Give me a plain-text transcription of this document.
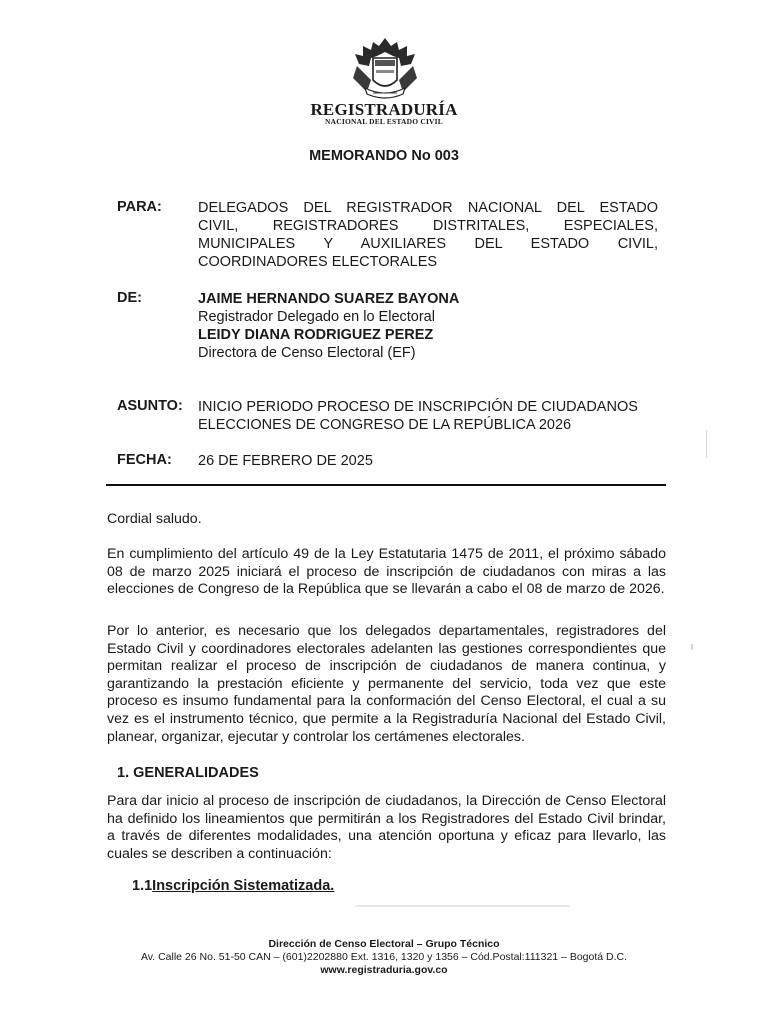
REGISTRADURÍA
NACIONAL DEL ESTADO CIVIL
MEMORANDO No 003
PARA: DELEGADOS DEL REGISTRADOR NACIONAL DEL ESTADO
CIVIL, REGISTRADORES DISTRITALES, ESPECIALES,
MUNICIPALES Y AUXILIARES DEL ESTADO CIVIL,
COORDINADORES ELECTORALES
DE:	JAIME HERNANDO SUAREZ BAYONA
Registrador Delegado en lo Electoral
LEIDY DIANA RODRIGUEZ PEREZ
Directora de Censo Electoral (EF)
ASUNTO: INICIO PERIODO PROCESO DE INSCRIPCIÓN DE CIUDADANOS
ELECCIONES DE CONGRESO DE LA REPÚBLICA 2026
FECHA: 26 DE FEBRERO DE 2025
Cordial saludo.
En cumplimiento del artículo 49 de la Ley Estatutaria 1475 de 2011, el próximo sábado 08 de marzo 2025 iniciará el proceso de inscripción de ciudadanos con miras a las elecciones de Congreso de la República que se llevarán a cabo el 08 de marzo de 2026.
Por lo anterior, es necesario que los delegados departamentales, registradores del Estado Civil y coordinadores electorales adelanten las gestiones correspondientes que permitan realizar el proceso de inscripción de ciudadanos de manera continua, y garantizando la prestación eficiente y permanente del servicio, toda vez que este proceso es insumo fundamental para la conformación del Censo Electoral, el cual a su vez es el instrumento técnico, que permite a la Registraduría Nacional del Estado Civil, planear, organizar, ejecutar y controlar los certámenes electorales.
1. GENERALIDADES
Para dar inicio al proceso de inscripción de ciudadanos, la Dirección de Censo Electoral ha definido los lineamientos que permitirán a los Registradores del Estado Civil brindar, a través de diferentes modalidades, una atención oportuna y eficaz para llevarlo, las cuales se describen a continuación:
1.1Inscripción Sistematizada.
Dirección de Censo Electoral – Grupo Técnico
Av. Calle 26 No. 51-50 CAN – (601)2202880 Ext. 1316, 1320 y 1356 – Cód.Postal:111321 – Bogotá D.C.
www.registraduria.gov.co
